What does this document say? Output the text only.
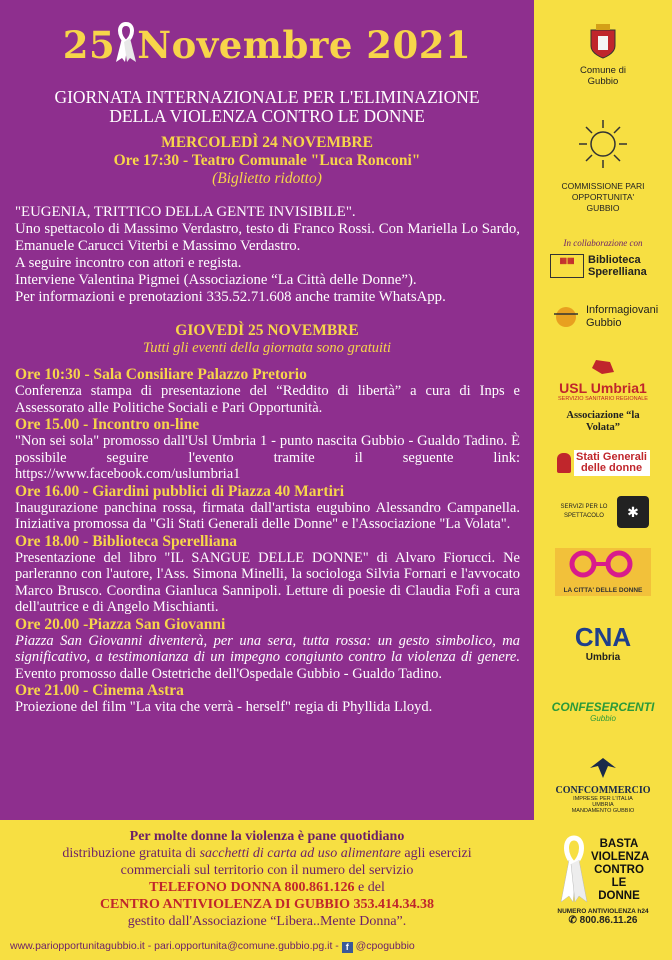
25 Novembre 2021
GIORNATA INTERNAZIONALE PER L'ELIMINAZIONE
DELLA VIOLENZA CONTRO LE DONNE
MERCOLEDÌ 24 NOVEMBRE
Ore 17:30 - Teatro Comunale "Luca Ronconi"
(Biglietto ridotto)
"EUGENIA, TRITTICO DELLA GENTE INVISIBILE".
Uno spettacolo di Massimo Verdastro, testo di Franco Rossi. Con Mariella Lo Sardo, Emanuele Carucci Viterbi e Massimo Verdastro.
A seguire incontro con attori e regista.
Interviene Valentina Pigmei (Associazione “La Città delle Donne”).
Per informazioni e prenotazioni 335.52.71.608 anche tramite WhatsApp.
GIOVEDÌ 25 NOVEMBRE
Tutti gli eventi della giornata sono gratuiti
Ore 10:30 - Sala Consiliare Palazzo Pretorio
Conferenza stampa di presentazione del “Reddito di libertà” a cura di Inps e Assessorato alle Politiche Sociali e Pari Opportunità.
Ore 15.00 - Incontro on-line
"Non sei sola" promosso dall'Usl Umbria 1 - punto nascita Gubbio - Gualdo Tadino. È possibile seguire l'evento tramite il seguente link: https://www.facebook.com/uslumbria1
Ore 16.00 - Giardini pubblici di Piazza 40 Martiri
Inaugurazione panchina rossa, firmata dall'artista eugubino Alessandro Campanella. Iniziativa promossa da "Gli Stati Generali delle Donne" e l'Associazione "La Volata".
Ore 18.00 - Biblioteca Sperelliana
Presentazione del libro "IL SANGUE DELLE DONNE" di Alvaro Fiorucci. Ne parleranno con l'autore, l'Ass. Simona Minelli, la sociologa Silvia Fornari e l'avvocato Marco Brusco. Coordina Gianluca Sannipoli. Letture di poesie di Claudia Fofi a cura dell'autrice e di Angelo Mischianti.
Ore 20.00 -Piazza San Giovanni
Piazza San Giovanni diventerà, per una sera, tutta rossa: un gesto simbolico, ma significativo, a testimonianza di un impegno congiunto contro la violenza di genere. Evento promosso dalle Ostetriche dell'Ospedale Gubbio - Gualdo Tadino.
Ore 21.00 - Cinema Astra
Proiezione del film "La vita che verrà - herself" regia di Phyllida Lloyd.
Per molte donne la violenza è pane quotidiano
distribuzione gratuita di sacchetti di carta ad uso alimentare agli esercizi
commerciali sul territorio con il numero del servizio
TELEFONO DONNA 800.861.126 e del
CENTRO ANTIVIOLENZA DI GUBBIO 353.414.34.38
gestito dall'Associazione “Libera..Mente Donna”.
www.pariopportunitagubbio.it - pari.opportunita@comune.gubbio.pg.it - f @cpogubbio
Comune di Gubbio
COMMISSIONE PARI OPPORTUNITA' GUBBIO
In collaborazione con
▦▦	Biblioteca Sperelliana
Informagiovani Gubbio
USL Umbria1
SERVIZIO SANITARIO REGIONALE
Associazione “la Volata”
Stati Generali delle donne
SERVIZI PER LO SPETTACOLO	✱
LA CITTA' DELLE DONNE
CNA
Umbria
CONFESERCENTI
Gubbio
CONFCOMMERCIO
IMPRESE PER L'ITALIA
UMBRIA
MANDAMENTO GUBBIO
BASTA VIOLENZA CONTRO LE DONNE
NUMERO ANTIVIOLENZA h24
✆ 800.86.11.26
